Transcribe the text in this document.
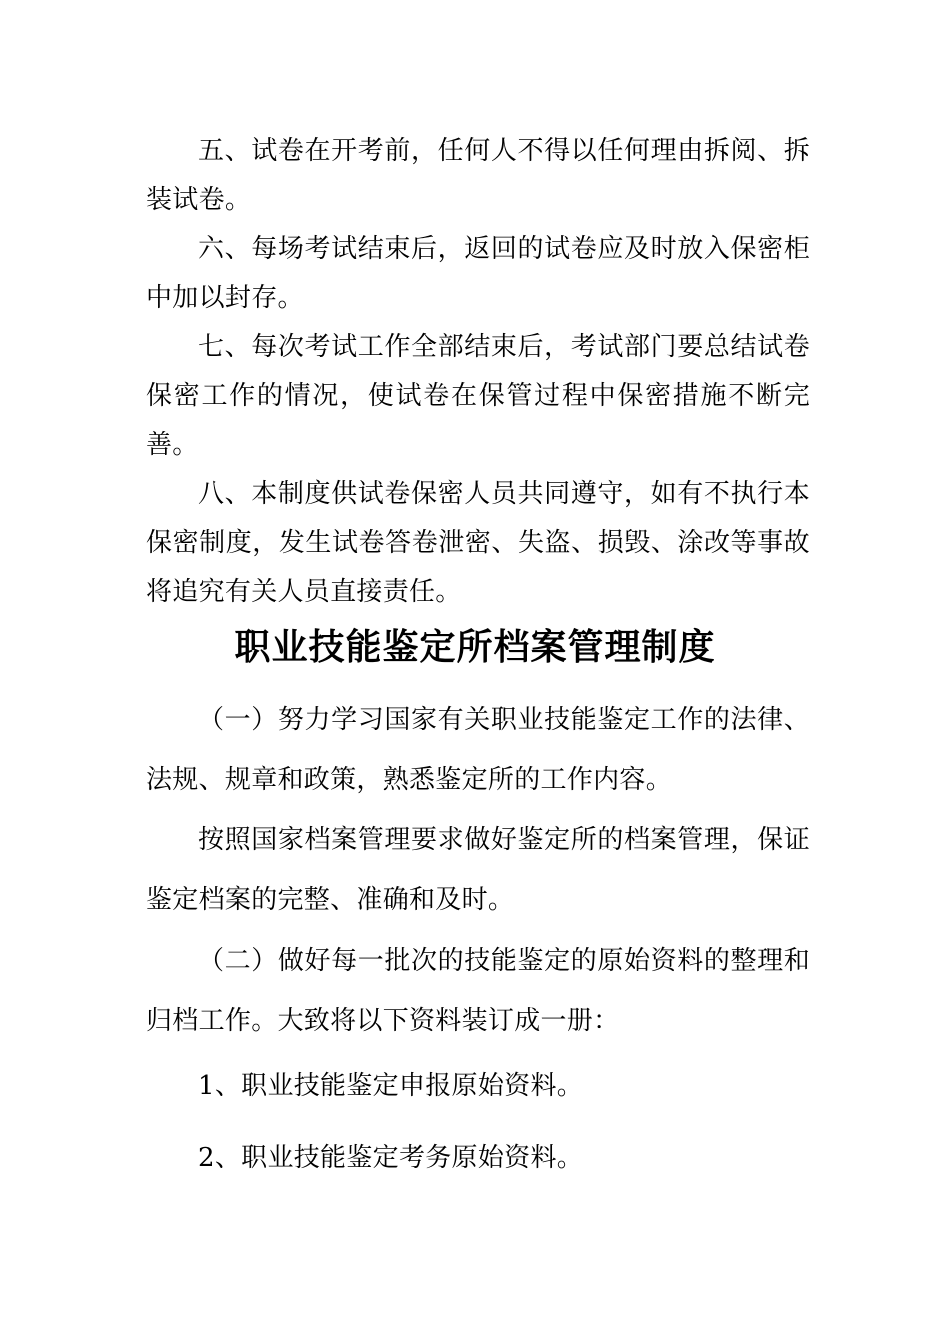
五、试卷在开考前，任何人不得以任何理由拆阅、拆装试卷。

六、每场考试结束后，返回的试卷应及时放入保密柜中加以封存。

七、每次考试工作全部结束后，考试部门要总结试卷保密工作的情况，使试卷在保管过程中保密措施不断完善。

八、本制度供试卷保密人员共同遵守，如有不执行本保密制度，发生试卷答卷泄密、失盗、损毁、涂改等事故将追究有关人员直接责任。

职业技能鉴定所档案管理制度

（一）努力学习国家有关职业技能鉴定工作的法律、法规、规章和政策，熟悉鉴定所的工作内容。

按照国家档案管理要求做好鉴定所的档案管理，保证鉴定档案的完整、准确和及时。

（二）做好每一批次的技能鉴定的原始资料的整理和归档工作。大致将以下资料装订成一册：

1、职业技能鉴定申报原始资料。

2、职业技能鉴定考务原始资料。
